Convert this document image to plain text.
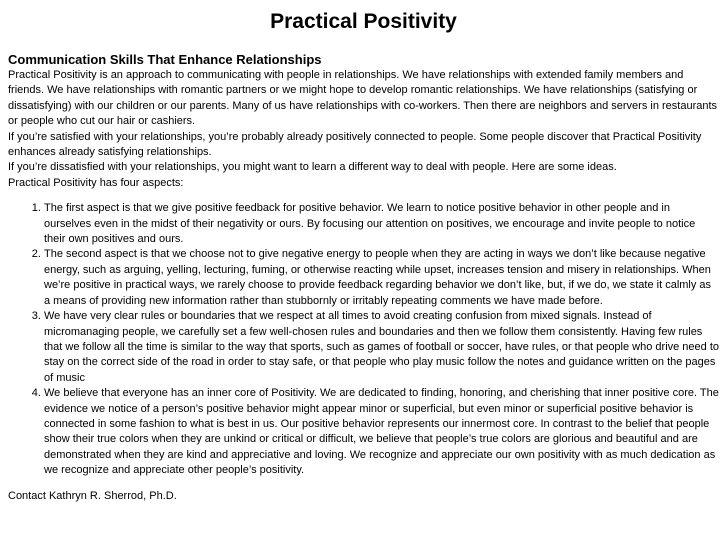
Practical Positivity
Communication Skills That Enhance Relationships

Practical Positivity is an approach to communicating with people in relationships. We have relationships with extended family members and friends. We have relationships with romantic partners or we might hope to develop romantic relationships. We have relationships (satisfying or dissatisfying) with our children or our parents. Many of us have relationships with co-workers. Then there are neighbors and servers in restaurants or people who cut our hair or cashiers.

If you’re satisfied with your relationships, you’re probably already positively connected to people. Some people discover that Practical Positivity enhances already satisfying relationships.

If you’re dissatisfied with your relationships, you might want to learn a different way to deal with people. Here are some ideas.

Practical Positivity has four aspects:

1. The first aspect is that we give positive feedback for positive behavior. We learn to notice positive behavior in other people and in ourselves even in the midst of their negativity or ours. By focusing our attention on positives, we encourage and invite people to notice their own positives and ours.
2. The second aspect is that we choose not to give negative energy to people when they are acting in ways we don’t like because negative energy, such as arguing, yelling, lecturing, fuming, or otherwise reacting while upset, increases tension and misery in relationships. When we’re positive in practical ways, we rarely choose to provide feedback regarding behavior we don’t like, but, if we do, we state it calmly as a means of providing new information rather than stubbornly or irritably repeating comments we have made before.
3. We have very clear rules or boundaries that we respect at all times to avoid creating confusion from mixed signals. Instead of micromanaging people, we carefully set a few well-chosen rules and boundaries and then we follow them consistently. Having few rules that we follow all the time is similar to the way that sports, such as games of football or soccer, have rules, or that people who drive need to stay on the correct side of the road in order to stay safe, or that people who play music follow the notes and guidance written on the pages of music
4. We believe that everyone has an inner core of Positivity. We are dedicated to finding, honoring, and cherishing that inner positive core. The evidence we notice of a person’s positive behavior might appear minor or superficial, but even minor or superficial positive behavior is connected in some fashion to what is best in us. Our positive behavior represents our innermost core. In contrast to the belief that people show their true colors when they are unkind or critical or difficult, we believe that people’s true colors are glorious and beautiful and are demonstrated when they are kind and appreciative and loving. We recognize and appreciate our own positivity with as much dedication as we recognize and appreciate other people’s positivity.
Contact Kathryn R. Sherrod, Ph.D.
